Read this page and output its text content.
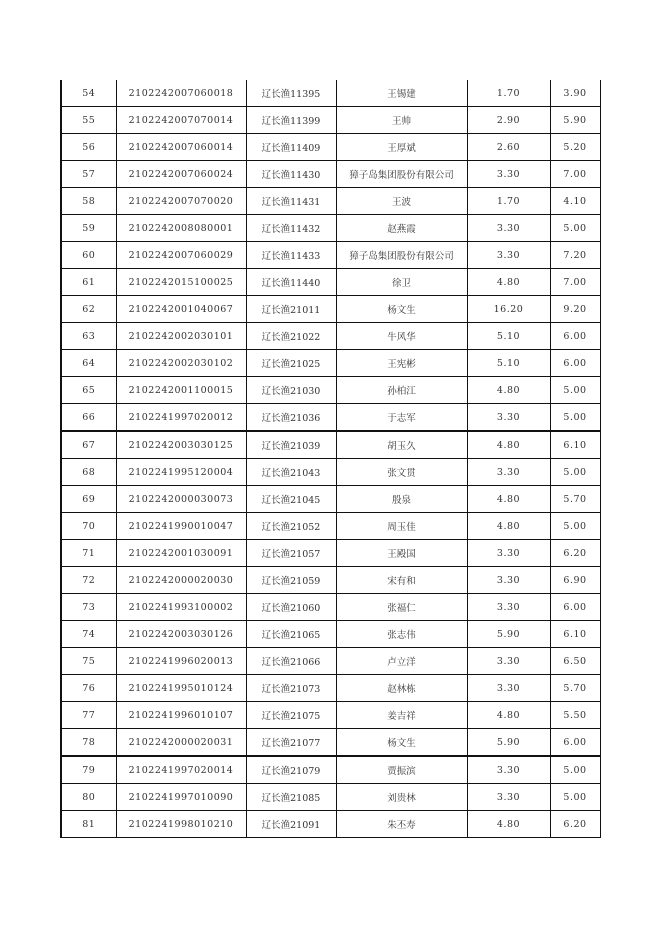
54	2102242007060018	辽长渔11395	王锡建	1.70	3.90
55	2102242007070014	辽长渔11399	王帅	2.90	5.90
56	2102242007060014	辽长渔11409	王厚斌	2.60	5.20
57	2102242007060024	辽长渔11430	獐子岛集团股份有限公司	3.30	7.00
58	2102242007070020	辽长渔11431	王波	1.70	4.10
59	2102242008080001	辽长渔11432	赵燕霞	3.30	5.00
60	2102242007060029	辽长渔11433	獐子岛集团股份有限公司	3.30	7.20
61	2102242015100025	辽长渔11440	徐卫	4.80	7.00
62	2102242001040067	辽长渔21011	杨文生	16.20	9.20
63	2102242002030101	辽长渔21022	牛风华	5.10	6.00
64	2102242002030102	辽长渔21025	王宪彬	5.10	6.00
65	2102242001100015	辽长渔21030	孙柏江	4.80	5.00
66	2102241997020012	辽长渔21036	于志军	3.30	5.00
67	2102242003030125	辽长渔21039	胡玉久	4.80	6.10
68	2102241995120004	辽长渔21043	张文贯	3.30	5.00
69	2102242000030073	辽长渔21045	殷泉	4.80	5.70
70	2102241990010047	辽长渔21052	周玉佳	4.80	5.00
71	2102242001030091	辽长渔21057	王殿国	3.30	6.20
72	2102242000020030	辽长渔21059	宋有和	3.30	6.90
73	2102241993100002	辽长渔21060	张福仁	3.30	6.00
74	2102242003030126	辽长渔21065	张志伟	5.90	6.10
75	2102241996020013	辽长渔21066	卢立洋	3.30	6.50
76	2102241995010124	辽长渔21073	赵林栋	3.30	5.70
77	2102241996010107	辽长渔21075	姜吉祥	4.80	5.50
78	2102242000020031	辽长渔21077	杨文生	5.90	6.00
79	2102241997020014	辽长渔21079	贾振滨	3.30	5.00
80	2102241997010090	辽长渔21085	刘贵林	3.30	5.00
81	2102241998010210	辽长渔21091	朱丕寿	4.80	6.20
